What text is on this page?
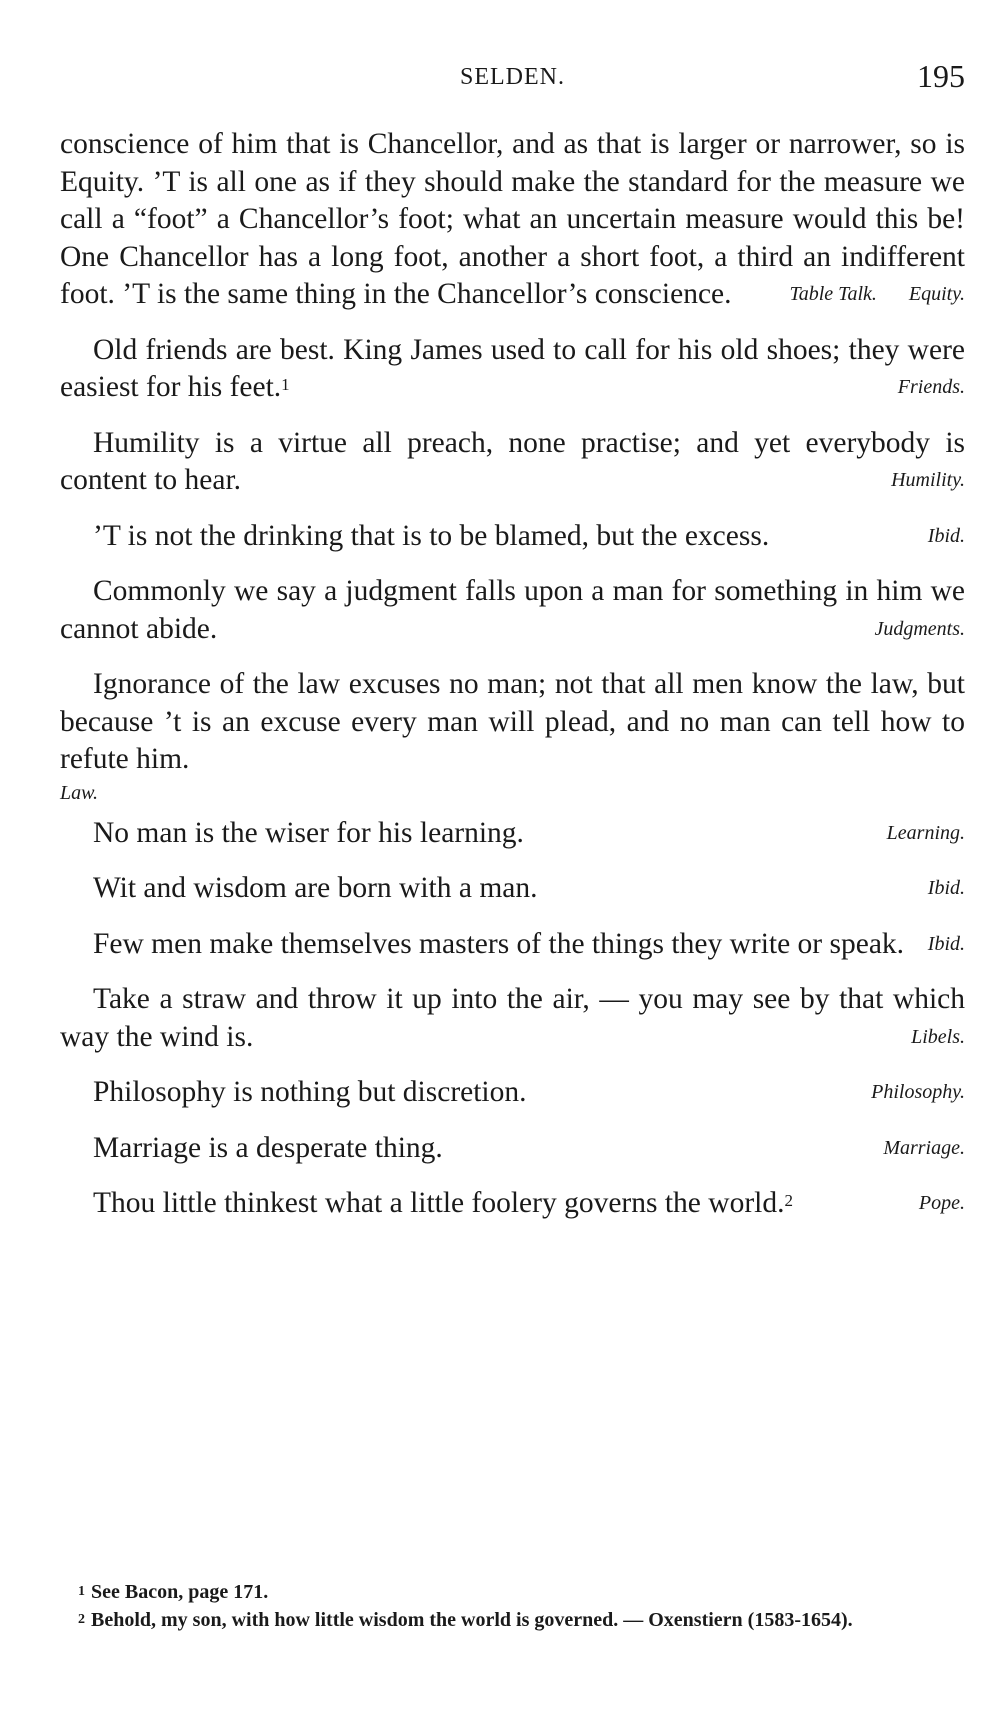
SELDEN.	195
conscience of him that is Chancellor, and as that is larger or narrower, so is Equity. ’T is all one as if they should make the standard for the measure we call a “foot” a Chancellor’s foot; what an uncertain measure would this be! One Chancellor has a long foot, another a short foot, a third an indifferent foot. ’T is the same thing in the Chancellor’s conscience.	Equity.
Table Talk.
Old friends are best. King James used to call for his old shoes; they were easiest for his feet.$^1$	Friends.
Humility is a virtue all preach, none practise; and yet everybody is content to hear.	Humility.
’T is not the drinking that is to be blamed, but the excess.	Ibid.
Commonly we say a judgment falls upon a man for something in him we cannot abide.	Judgments.
Ignorance of the law excuses no man; not that all men know the law, but because ’t is an excuse every man will plead, and no man can tell how to refute him.
Law.
No man is the wiser for his learning.	Learning.
Wit and wisdom are born with a man.	Ibid.
Few men make themselves masters of the things they write or speak. Ibid.
Take a straw and throw it up into the air, — you may see by that which way the wind is.	Libels.
Philosophy is nothing but discretion.	Philosophy.
Marriage is a desperate thing.	Marriage.
Thou little thinkest what a little foolery governs the world.$^2$	Pope.
$^1$ See Bacon, page 171.
$^2$ Behold, my son, with how little wisdom the world is governed. — Oxenstiern (1583-1654).
